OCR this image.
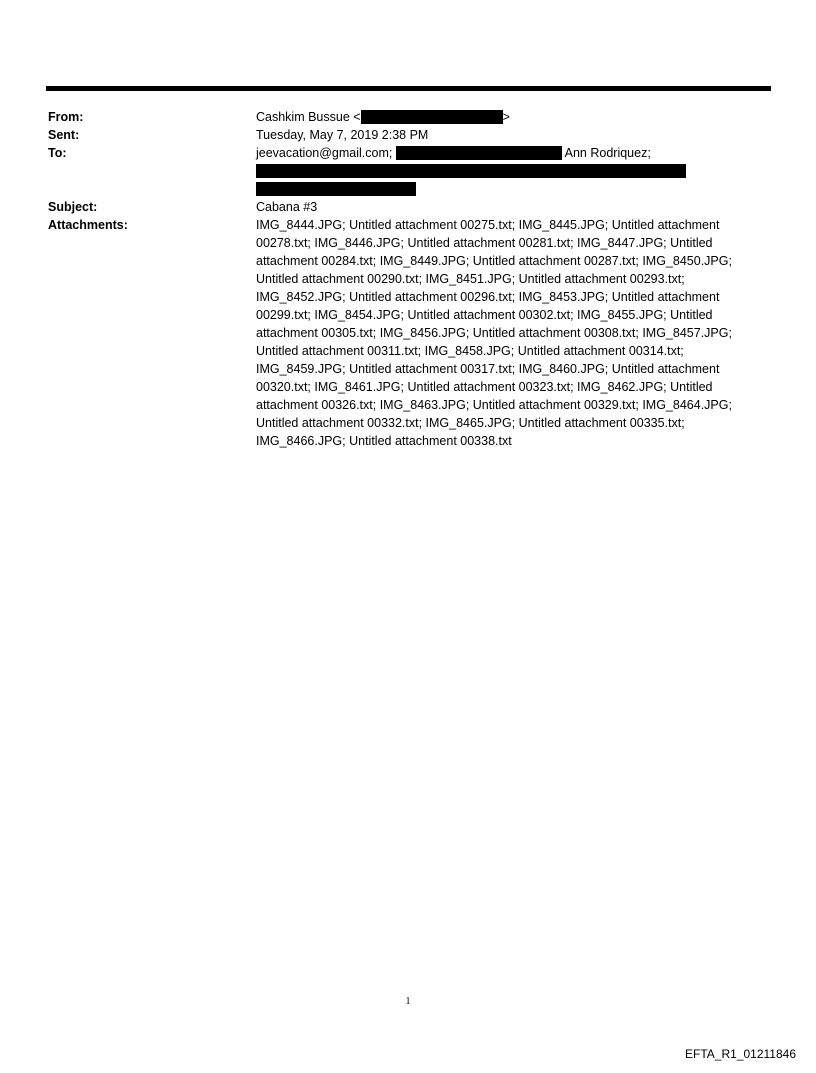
From:	Cashkim Bussue <	>
Sent:	Tuesday, May 7, 2019 2:38 PM
To:	jeevacation@gmail.com;	Ann Rodriquez;
Subject:	Cabana #3
Attachments:	IMG_8444.JPG; Untitled attachment 00275.txt; IMG_8445.JPG; Untitled attachment 00278.txt; IMG_8446.JPG; Untitled attachment 00281.txt; IMG_8447.JPG; Untitled attachment 00284.txt; IMG_8449.JPG; Untitled attachment 00287.txt; IMG_8450.JPG; Untitled attachment 00290.txt; IMG_8451.JPG; Untitled attachment 00293.txt; IMG_8452.JPG; Untitled attachment 00296.txt; IMG_8453.JPG; Untitled attachment 00299.txt; IMG_8454.JPG; Untitled attachment 00302.txt; IMG_8455.JPG; Untitled attachment 00305.txt; IMG_8456.JPG; Untitled attachment 00308.txt; IMG_8457.JPG; Untitled attachment 00311.txt; IMG_8458.JPG; Untitled attachment 00314.txt; IMG_8459.JPG; Untitled attachment 00317.txt; IMG_8460.JPG; Untitled attachment 00320.txt; IMG_8461.JPG; Untitled attachment 00323.txt; IMG_8462.JPG; Untitled attachment 00326.txt; IMG_8463.JPG; Untitled attachment 00329.txt; IMG_8464.JPG; Untitled attachment 00332.txt; IMG_8465.JPG; Untitled attachment 00335.txt; IMG_8466.JPG; Untitled attachment 00338.txt
1
EFTA_R1_01211846
